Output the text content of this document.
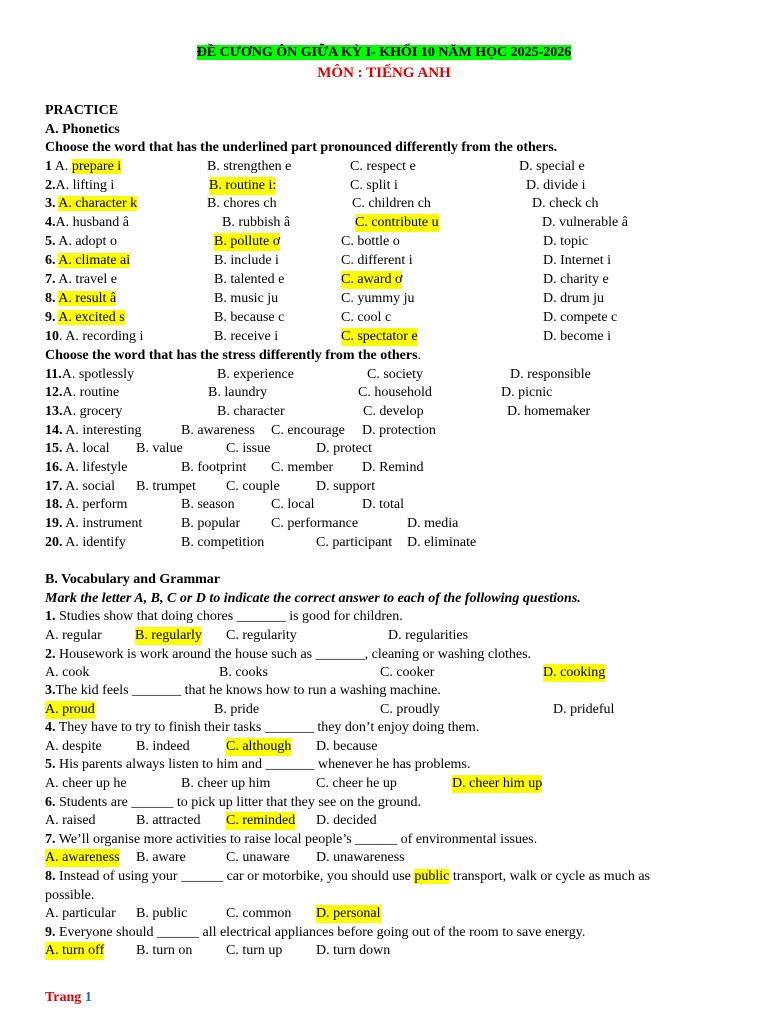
ĐỀ CƯƠNG ÔN GIỮA KỲ I- KHỐI 10 NĂM HỌC 2025-2026
MÔN : TIẾNG ANH
PRACTICE
A. Phonetics
Choose the word that has the underlined part pronounced differently from the others.
1 A. prepare i	B. strengthen e	C. respect e	D. special e
2.A. lifting i	B. routine i:	C. split i	D. divide i
3. A. character k	B. chores ch	C. children ch	D. check ch
4.A. husband â	B. rubbish â	C. contribute u	D. vulnerable â
5. A. adopt o	B. pollute ơ	C. bottle o	D. topic
6. A. climate ai	B. include i	C. different i	D. Internet i
7. A. travel e	B. talented e	C. award ơ	D. charity e
8. A. result â	B. music ju	C. yummy ju	D. drum ju
9. A. excited s	B. because c	C. cool c	D. compete c
10. A. recording i	B. receive i	C. spectator e	D. become i
Choose the word that has the stress differently from the others.
11.A. spotlessly	B. experience	C. society	D. responsible
12.A. routine	B. laundry	C. household	D. picnic
13.A. grocery	B. character	C. develop	D. homemaker
14. A. interesting	B. awareness C. encourage D. protection
15. A. local B. value	C. issue	D. protect
16. A. lifestyle	B. footprint C. member D. Remind
17. A. social B. trumpet C. couple	D. support
18. A. perform	B. season	C. local	D. total
19. A. instrument	B. popular C. performance	D. media
20. A. identify	B. competition	C. participant D. eliminate
B. Vocabulary and Grammar
Mark the letter A, B, C or D to indicate the correct answer to each of the following questions.
1. Studies show that doing chores _______ is good for children.
A. regular B. regularly C. regularity	D. regularities
2. Housework is work around the house such as _______, cleaning or washing clothes.
A. cook	B. cooks	C. cooker	D. cooking
3.The kid feels _______ that he knows how to run a washing machine.
A. proud	B. pride	C. proudly	D. prideful
4. They have to try to finish their tasks _______ they don’t enjoy doing them.
A. despite B. indeed	C. although D. because
5. His parents always listen to him and _______ whenever he has problems.
A. cheer up he	B. cheer up him	C. cheer he up	D. cheer him up
6. Students are ______ to pick up litter that they see on the ground.
A. raised	B. attracted C. reminded D. decided
7. We’ll organise more activities to raise local people’s ______ of environmental issues.
A. awareness B. aware	C. unaware D. unawareness
8. Instead of using your ______ car or motorbike, you should use public transport, walk or cycle as much as
possible.
A. particular B. public	C. common D. personal
9. Everyone should ______ all electrical appliances before going out of the room to save energy.
A. turn off B. turn on C. turn up D. turn down
Trang 1
